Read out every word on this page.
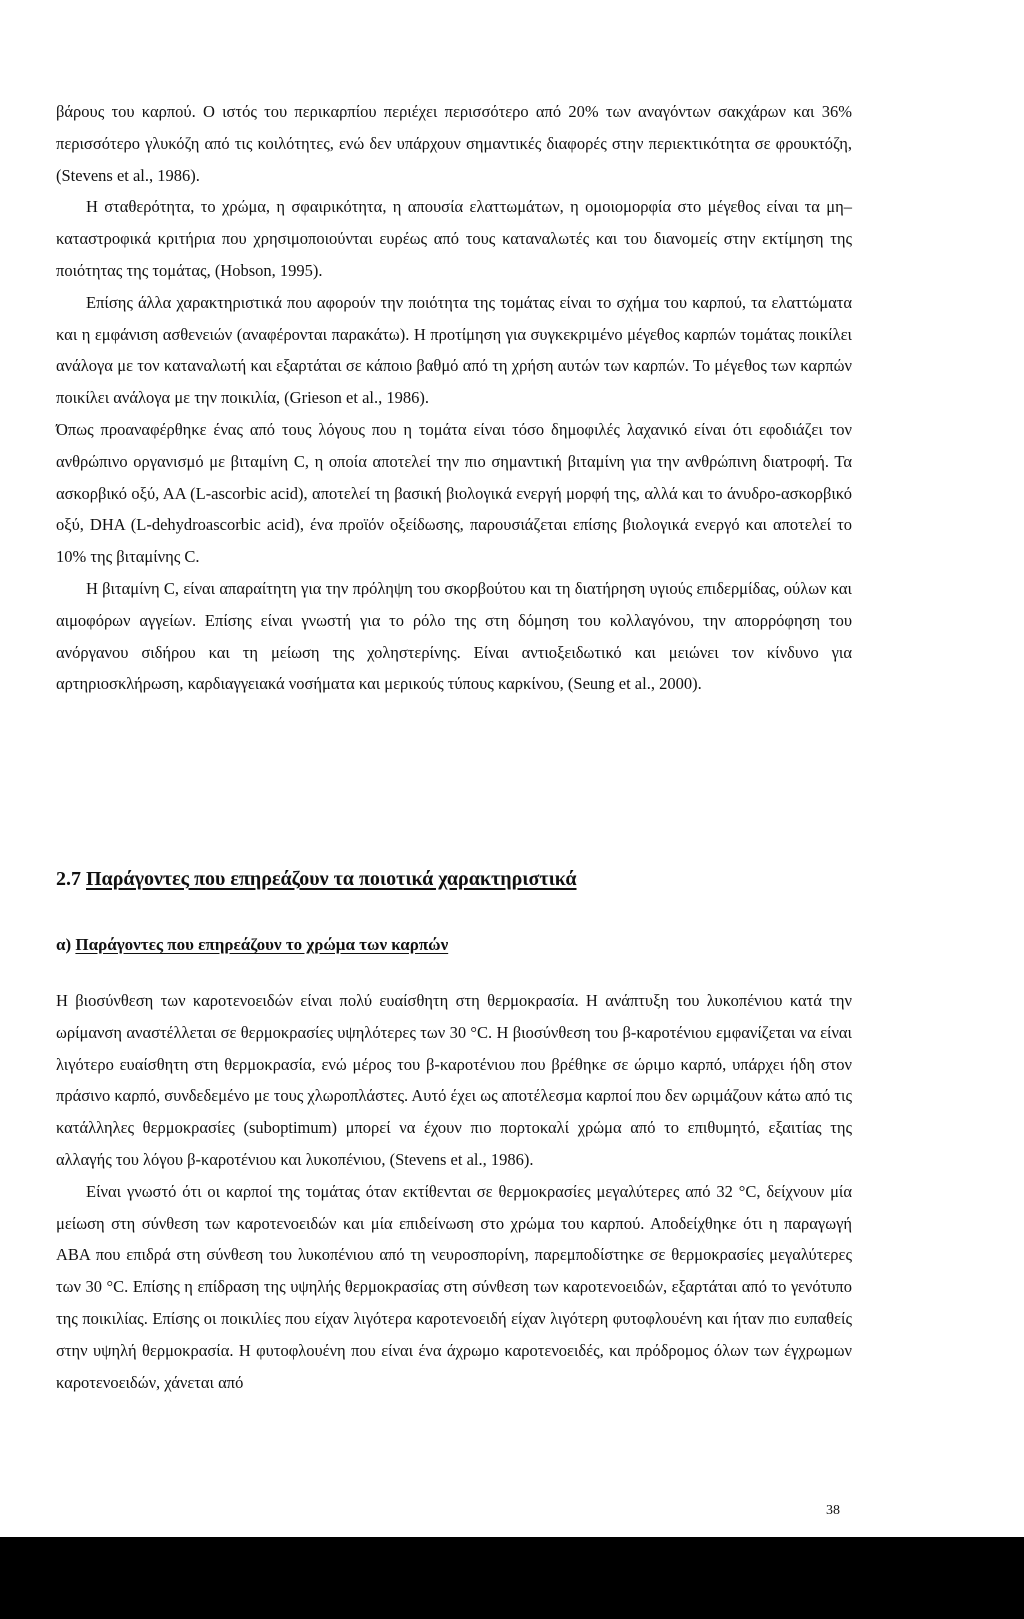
βάρους του καρπού. Ο ιστός του περικαρπίου περιέχει περισσότερο από 20% των αναγόντων σακχάρων και 36% περισσότερο γλυκόζη από τις κοιλότητες, ενώ δεν υπάρχουν σημαντικές διαφορές στην περιεκτικότητα σε φρουκτόζη, (Stevens et al., 1986).

Η σταθερότητα, το χρώμα, η σφαιρικότητα, η απουσία ελαττωμάτων, η ομοιομορφία στο μέγεθος είναι τα μη–καταστροφικά κριτήρια που χρησιμοποιούνται ευρέως από τους καταναλωτές και του διανομείς στην εκτίμηση της ποιότητας της τομάτας, (Hobson, 1995).

Επίσης άλλα χαρακτηριστικά που αφορούν την ποιότητα της τομάτας είναι το σχήμα του καρπού, τα ελαττώματα και η εμφάνιση ασθενειών (αναφέρονται παρακάτω). Η προτίμηση για συγκεκριμένο μέγεθος καρπών τομάτας ποικίλει ανάλογα με τον καταναλωτή και εξαρτάται σε κάποιο βαθμό από τη χρήση αυτών των καρπών. Το μέγεθος των καρπών ποικίλει ανάλογα με την ποικιλία, (Grieson et al., 1986).

Όπως προαναφέρθηκε ένας από τους λόγους που η τομάτα είναι τόσο δημοφιλές λαχανικό είναι ότι εφοδιάζει τον ανθρώπινο οργανισμό με βιταμίνη C, η οποία αποτελεί την πιο σημαντική βιταμίνη για την ανθρώπινη διατροφή. Τα ασκορβικό οξύ, ΑΑ (L-ascorbic acid), αποτελεί τη βασική βιολογικά ενεργή μορφή της, αλλά και το άνυδρο-ασκορβικό οξύ, DHA (L-dehydroascorbic acid), ένα προϊόν οξείδωσης, παρουσιάζεται επίσης βιολογικά ενεργό και αποτελεί το 10% της βιταμίνης C.

Η βιταμίνη C, είναι απαραίτητη για την πρόληψη του σκορβούτου και τη διατήρηση υγιούς επιδερμίδας, ούλων και αιμοφόρων αγγείων. Επίσης είναι γνωστή για το ρόλο της στη δόμηση του κολλαγόνου, την απορρόφηση του ανόργανου σιδήρου και τη μείωση της χοληστερίνης. Είναι αντιοξειδωτικό και μειώνει τον κίνδυνο για αρτηριοσκλήρωση, καρδιαγγειακά νοσήματα και μερικούς τύπους καρκίνου, (Seung et al., 2000).

2.7 Παράγοντες που επηρεάζουν τα ποιοτικά χαρακτηριστικά
α) Παράγοντες που επηρεάζουν το χρώμα των καρπών

Η βιοσύνθεση των καροτενοειδών είναι πολύ ευαίσθητη στη θερμοκρασία. Η ανάπτυξη του λυκοπένιου κατά την ωρίμανση αναστέλλεται σε θερμοκρασίες υψηλότερες των 30 °C. Η βιοσύνθεση του β-καροτένιου εμφανίζεται να είναι λιγότερο ευαίσθητη στη θερμοκρασία, ενώ μέρος του β-καροτένιου που βρέθηκε σε ώριμο καρπό, υπάρχει ήδη στον πράσινο καρπό, συνδεδεμένο με τους χλωροπλάστες. Αυτό έχει ως αποτέλεσμα καρποί που δεν ωριμάζουν κάτω από τις κατάλληλες θερμοκρασίες (suboptimum) μπορεί να έχουν πιο πορτοκαλί χρώμα από το επιθυμητό, εξαιτίας της αλλαγής του λόγου β-καροτένιου και λυκοπένιου, (Stevens et al., 1986).

Είναι γνωστό ότι οι καρποί της τομάτας όταν εκτίθενται σε θερμοκρασίες μεγαλύτερες από 32 °C, δείχνουν μία μείωση στη σύνθεση των καροτενοειδών και μία επιδείνωση στο χρώμα του καρπού. Αποδείχθηκε ότι η παραγωγή ΑΒΑ που επιδρά στη σύνθεση του λυκοπένιου από τη νευροσπορίνη, παρεμποδίστηκε σε θερμοκρασίες μεγαλύτερες των 30 °C. Επίσης η επίδραση της υψηλής θερμοκρασίας στη σύνθεση των καροτενοειδών, εξαρτάται από το γενότυπο της ποικιλίας. Επίσης οι ποικιλίες που είχαν λιγότερα καροτενοειδή είχαν λιγότερη φυτοφλουένη και ήταν πιο ευπαθείς στην υψηλή θερμοκρασία. Η φυτοφλουένη που είναι ένα άχρωμο καροτενοειδές, και πρόδρομος όλων των έγχρωμων καροτενοειδών, χάνεται από

38
